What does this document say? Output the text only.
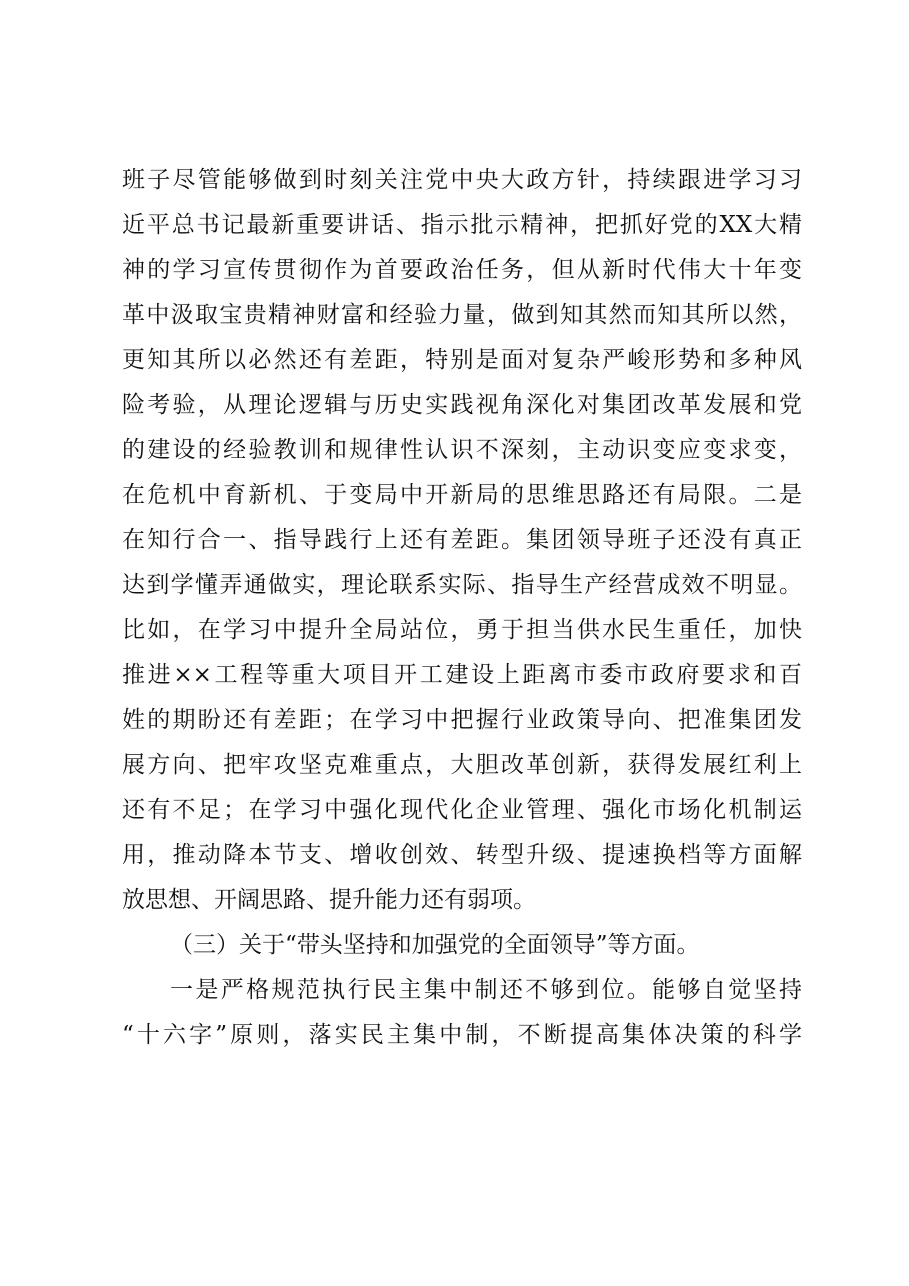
班子尽管能够做到时刻关注党中央大政方针，持续跟进学习习
近平总书记最新重要讲话、指示批示精神，把抓好党的XX大精
神的学习宣传贯彻作为首要政治任务，但从新时代伟大十年变
革中汲取宝贵精神财富和经验力量，做到知其然而知其所以然，
更知其所以必然还有差距，特别是面对复杂严峻形势和多种风
险考验，从理论逻辑与历史实践视角深化对集团改革发展和党
的建设的经验教训和规律性认识不深刻，主动识变应变求变，
在危机中育新机、于变局中开新局的思维思路还有局限。二是
在知行合一、指导践行上还有差距。集团领导班子还没有真正
达到学懂弄通做实，理论联系实际、指导生产经营成效不明显。
比如，在学习中提升全局站位，勇于担当供水民生重任，加快
推进××工程等重大项目开工建设上距离市委市政府要求和百
姓的期盼还有差距；在学习中把握行业政策导向、把准集团发
展方向、把牢攻坚克难重点，大胆改革创新，获得发展红利上
还有不足；在学习中强化现代化企业管理、强化市场化机制运
用，推动降本节支、增收创效、转型升级、提速换档等方面解
放思想、开阔思路、提升能力还有弱项。
（三）关于“带头坚持和加强党的全面领导”等方面。
一是严格规范执行民主集中制还不够到位。能够自觉坚持
“十六字”原则，落实民主集中制，不断提高集体决策的科学
